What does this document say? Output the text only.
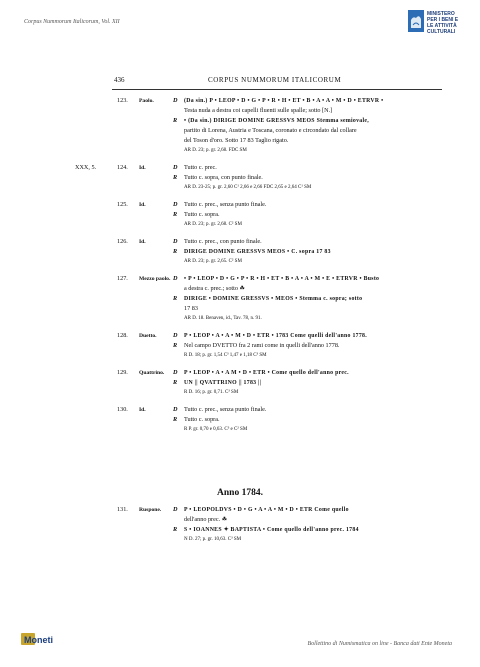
Corpus Nummorum Italicorum, Vol. XII
MINISTERO
PER I BENI E
LE ATTIVITÀ
CULTURALI
436	CORPUS NUMMORUM ITALICORUM
123. Paolo.	D (Da sin.) P • LEOP • D • G • P • R • H • ET • B • A • A • M • D • ETRVR •
Testa nuda a destra coi capelli fluenti sulle spalle; sotto [N.]
R • (Da sin.) DIRIGE DOMINE GRESSVS MEOS Stemma semiovale,
partito di Lorena, Austria e Toscana, coronato e circondato dal collare
del Toson d'oro. Sotto 17 83 Taglio rigato.
AR D. 23; p. gr. 2,68. FDC SM
XXX, 5.	124. Id.	D Tutto c. prec.
R Tutto c. sopra, con punto finale.
AR D. 23-25; p. gr. 2,60 C¹ 2,66 e 2,66 FDC 2,65 e 2,64 C¹ SM
125. Id.	D Tutto c. prec., senza punto finale.
R Tutto c. sopra.
AR D. 23; p. gr. 2,68. C² SM
126. Id.	D Tutto c. prec., con punto finale.
R DIRIGE DOMINE GRESSVS MEOS • C. sopra 17 83
AR D. 23; p. gr. 2,65. C² SM
127. Mezzo paolo. D • P • LEOP • D • G • P • R • H • ET • B • A • A • M • E • ETRVR • Busto
a destra c. prec.; sotto ☘
R DIRIGE • DOMINE GRESSVS • MEOS • Stemma c. sopra; sotto
17 83
AR D. 18. Benaven, id., Tav. 78, n. 91.
128. Duetto.	D P • LEOP • A • A • M • D • ETR • 1783 Come quelli dell'anno 1778.
R Nel campo DVETTO fra 2 rami come in quelli dell'anno 1778.
R D. 18; p. gr. 1,54 C³ 1,47 e 1,18 C³ SM
129. Quattrino. D P • LEOP • A • A M • D • ETR • Come quello dell'anno prec.
R UN || QVATTRINO || 1783 ||
R D. 16; p. gr. 0,71. C³ SM
130. Id.	D Tutto c. prec., senza punto finale.
R Tutto c. sopra.
R P. gr. 0,70 e 0,63. C³ e C² SM
Anno 1784.
131. Ruspone. D P • LEOPOLDVS • D • G • A • A • M • D • ETR Come quello
dell'anno prec. ☘
R S • IOANNES ✦ BAPTISTA • Come quello dell'anno prec. 1784
N D. 27; p. gr. 10,63. C³ SM
Moneti	Bollettino di Numismatica on line - Banca dati Ente Moneta
